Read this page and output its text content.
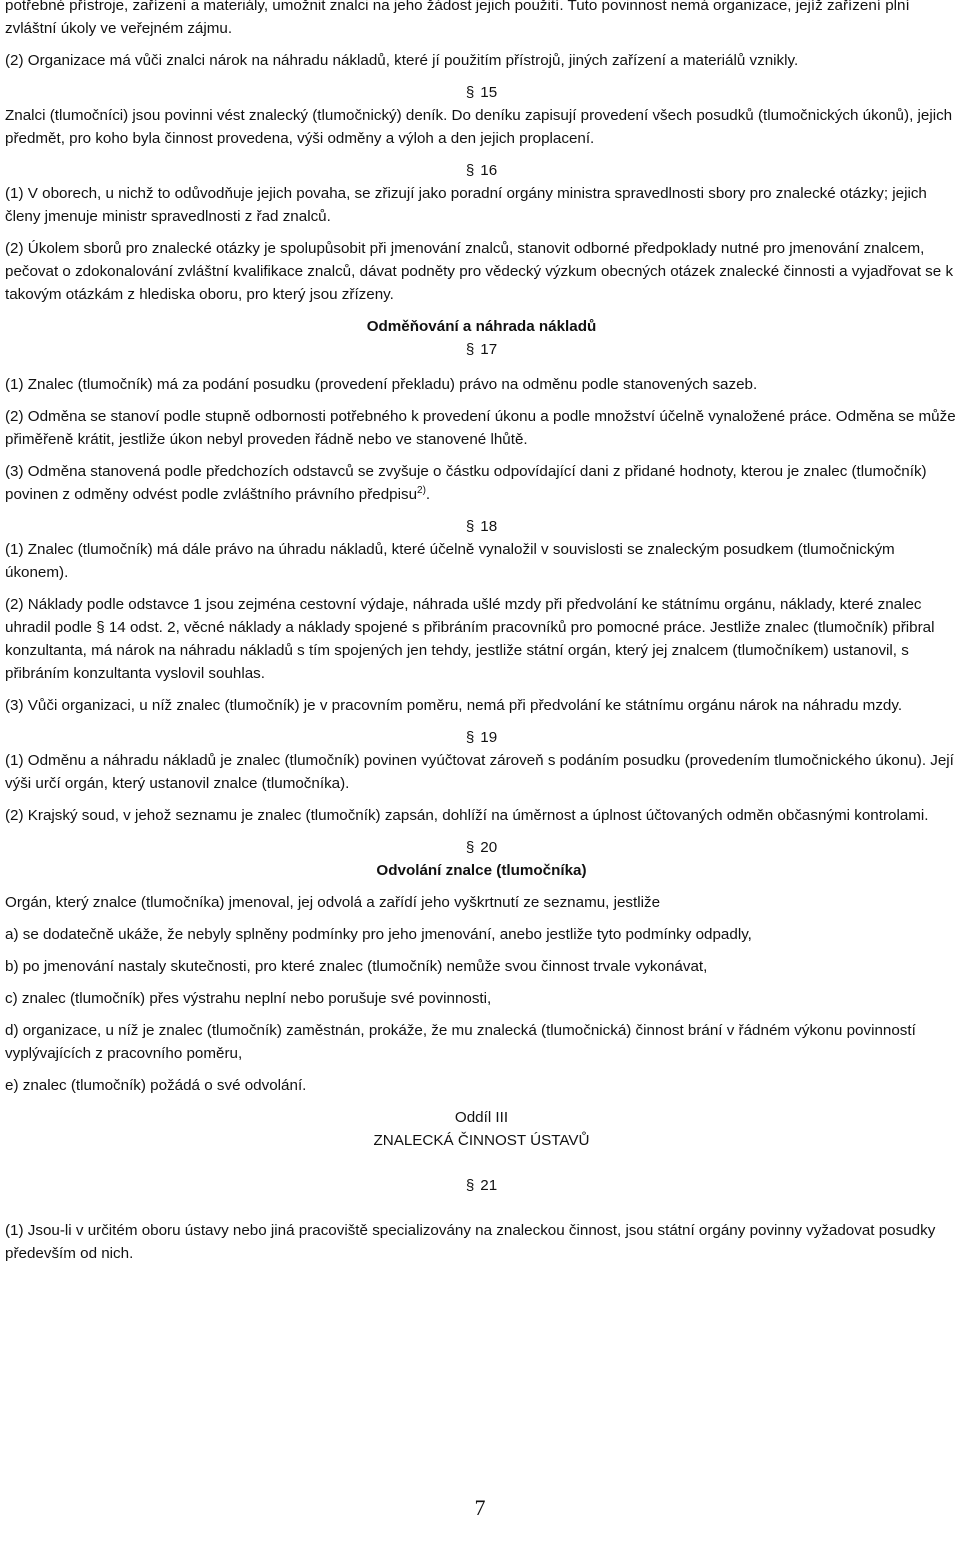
potřebné přístroje, zařízení a materiály, umožnit znalci na jeho žádost jejich použití. Tuto povinnost nemá organizace, jejíž zařízení plní zvláštní úkoly ve veřejném zájmu.

(2) Organizace má vůči znalci nárok na náhradu nákladů, které jí použitím přístrojů, jiných zařízení a materiálů vznikly.

§ 15

Znalci (tlumočníci) jsou povinni vést znalecký (tlumočnický) deník. Do deníku zapisují provedení všech posudků (tlumočnických úkonů), jejich předmět, pro koho byla činnost provedena, výši odměny a výloh a den jejich proplacení.

§ 16

(1) V oborech, u nichž to odůvodňuje jejich povaha, se zřizují jako poradní orgány ministra spravedlnosti sbory pro znalecké otázky; jejich členy jmenuje ministr spravedlnosti z řad znalců.

(2) Úkolem sborů pro znalecké otázky je spolupůsobit při jmenování znalců, stanovit odborné předpoklady nutné pro jmenování znalcem, pečovat o zdokonalování zvláštní kvalifikace znalců, dávat podněty pro vědecký výzkum obecných otázek znalecké činnosti a vyjadřovat se k takovým otázkám z hlediska oboru, pro který jsou zřízeny.

Odměňování a náhrada nákladů

§ 17

(1) Znalec (tlumočník) má za podání posudku (provedení překladu) právo na odměnu podle stanovených sazeb.

(2) Odměna se stanoví podle stupně odbornosti potřebného k provedení úkonu a podle množství účelně vynaložené práce. Odměna se může přiměřeně krátit, jestliže úkon nebyl proveden řádně nebo ve stanovené lhůtě.

(3) Odměna stanovená podle předchozích odstavců se zvyšuje o částku odpovídající dani z přidané hodnoty, kterou je znalec (tlumočník) povinen z odměny odvést podle zvláštního právního předpisu$^{2)}$.

§ 18

(1) Znalec (tlumočník) má dále právo na úhradu nákladů, které účelně vynaložil v souvislosti se znaleckým posudkem (tlumočnickým úkonem).

(2) Náklady podle odstavce 1 jsou zejména cestovní výdaje, náhrada ušlé mzdy při předvolání ke státnímu orgánu, náklady, které znalec uhradil podle § 14 odst. 2, věcné náklady a náklady spojené s přibráním pracovníků pro pomocné práce. Jestliže znalec (tlumočník) přibral konzultanta, má nárok na náhradu nákladů s tím spojených jen tehdy, jestliže státní orgán, který jej znalcem (tlumočníkem) ustanovil, s přibráním konzultanta vyslovil souhlas.

(3) Vůči organizaci, u níž znalec (tlumočník) je v pracovním poměru, nemá při předvolání ke státnímu orgánu nárok na náhradu mzdy.

§ 19

(1) Odměnu a náhradu nákladů je znalec (tlumočník) povinen vyúčtovat zároveň s podáním posudku (provedením tlumočnického úkonu). Její výši určí orgán, který ustanovil znalce (tlumočníka).

(2) Krajský soud, v jehož seznamu je znalec (tlumočník) zapsán, dohlíží na úměrnost a úplnost účtovaných odměn občasnými kontrolami.

§ 20

Odvolání znalce (tlumočníka)

Orgán, který znalce (tlumočníka) jmenoval, jej odvolá a zařídí jeho vyškrtnutí ze seznamu, jestliže

a) se dodatečně ukáže, že nebyly splněny podmínky pro jeho jmenování, anebo jestliže tyto podmínky odpadly,

b) po jmenování nastaly skutečnosti, pro které znalec (tlumočník) nemůže svou činnost trvale vykonávat,

c) znalec (tlumočník) přes výstrahu neplní nebo porušuje své povinnosti,

d) organizace, u níž je znalec (tlumočník) zaměstnán, prokáže, že mu znalecká (tlumočnická) činnost brání v řádném výkonu povinností vyplývajících z pracovního poměru,

e) znalec (tlumočník) požádá o své odvolání.

Oddíl III

ZNALECKÁ ČINNOST ÚSTAVŮ

§ 21

(1) Jsou-li v určitém oboru ústavy nebo jiná pracoviště specializovány na znaleckou činnost, jsou státní orgány povinny vyžadovat posudky především od nich.

7
